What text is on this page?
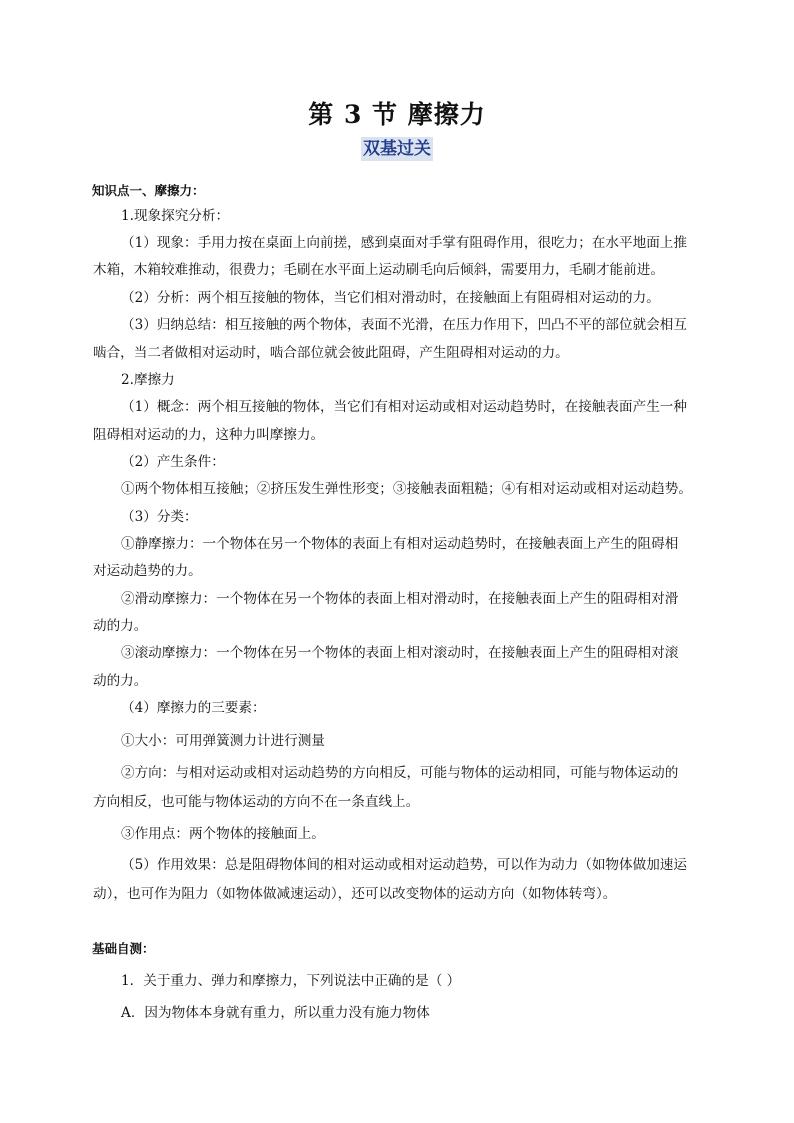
第 3 节 摩擦力
双基过关
知识点一、摩擦力：
1.现象探究分析：
（1）现象：手用力按在桌面上向前搓，感到桌面对手掌有阻碍作用，很吃力；在水平地面上推
木箱，木箱较难推动，很费力；毛刷在水平面上运动刷毛向后倾斜，需要用力，毛刷才能前进。
（2）分析：两个相互接触的物体，当它们相对滑动时，在接触面上有阻碍相对运动的力。
（3）归纳总结：相互接触的两个物体，表面不光滑，在压力作用下，凹凸不平的部位就会相互
啮合，当二者做相对运动时，啮合部位就会彼此阻碍，产生阻碍相对运动的力。
2.摩擦力
（1）概念：两个相互接触的物体，当它们有相对运动或相对运动趋势时，在接触表面产生一种
阻碍相对运动的力，这种力叫摩擦力。
（2）产生条件：
①两个物体相互接触；②挤压发生弹性形变；③接触表面粗糙；④有相对运动或相对运动趋势。
（3）分类：
①静摩擦力：一个物体在另一个物体的表面上有相对运动趋势时，在接触表面上产生的阻碍相
对运动趋势的力。
②滑动摩擦力：一个物体在另一个物体的表面上相对滑动时，在接触表面上产生的阻碍相对滑
动的力。
③滚动摩擦力：一个物体在另一个物体的表面上相对滚动时，在接触表面上产生的阻碍相对滚
动的力。
（4）摩擦力的三要素：
①大小：可用弹簧测力计进行测量
②方向：与相对运动或相对运动趋势的方向相反，可能与物体的运动相同，可能与物体运动的
方向相反，也可能与物体运动的方向不在一条直线上。
③作用点：两个物体的接触面上。
（5）作用效果：总是阻碍物体间的相对运动或相对运动趋势，可以作为动力（如物体做加速运
动），也可作为阻力（如物体做减速运动），还可以改变物体的运动方向（如物体转弯）。
基础自测：
1．关于重力、弹力和摩擦力，下列说法中正确的是（ ）
A．因为物体本身就有重力，所以重力没有施力物体
